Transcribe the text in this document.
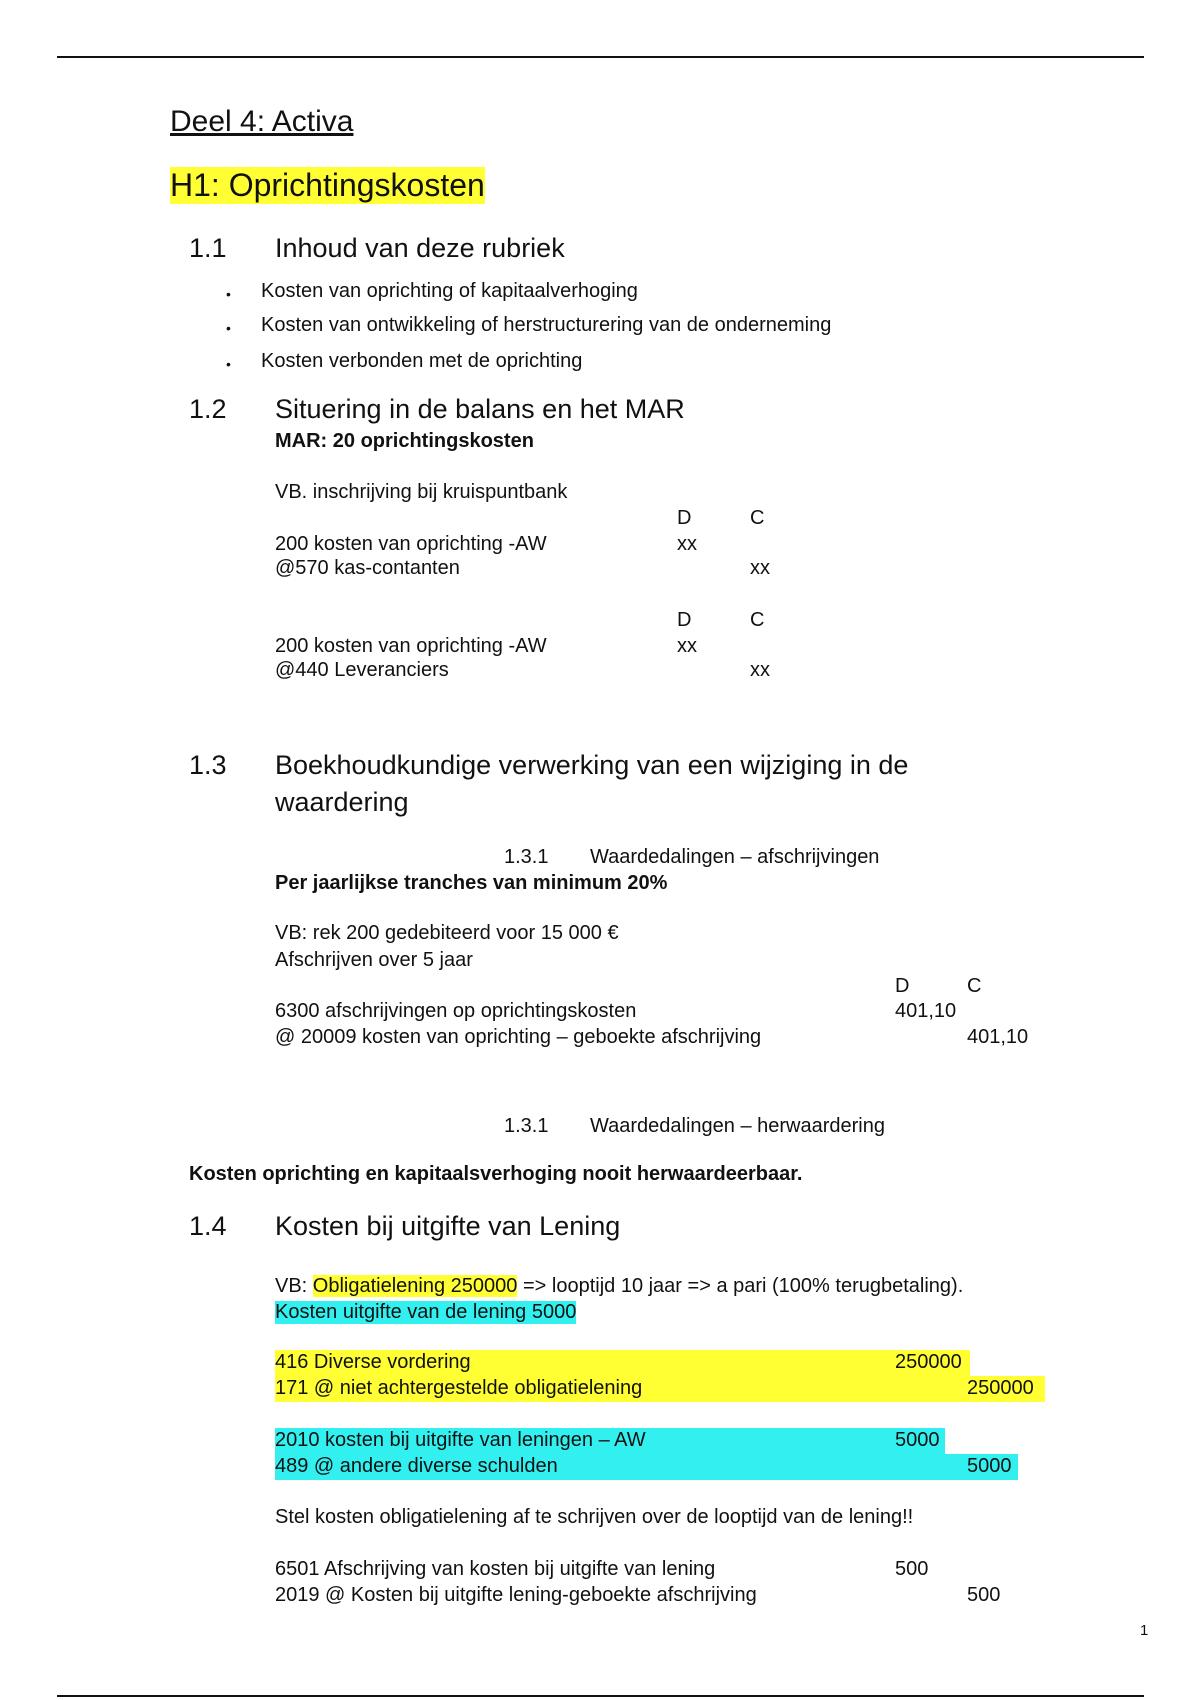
Deel 4: Activa
H1: Oprichtingskosten
1.1 Inhoud van deze rubriek
• Kosten van oprichting of kapitaalverhoging
• Kosten van ontwikkeling of herstructurering van de onderneming
• Kosten verbonden met de oprichting
1.2 Situering in de balans en het MAR
MAR: 20 oprichtingskosten
VB. inschrijving bij kruispuntbank
D	C
200 kosten van oprichting -AW	xx
@570 kas-contanten	xx
D	C
200 kosten van oprichting -AW	xx
@440 Leveranciers	xx
1.3 Boekhoudkundige verwerking van een wijziging in de
waardering
1.3.1 Waardedalingen – afschrijvingen
Per jaarlijkse tranches van minimum 20%
VB: rek 200 gedebiteerd voor 15 000 €
Afschrijven over 5 jaar
D	C
6300 afschrijvingen op oprichtingskosten	401,10
@ 20009 kosten van oprichting – geboekte afschrijving	401,10
1.3.1 Waardedalingen – herwaardering
Kosten oprichting en kapitaalsverhoging nooit herwaardeerbaar.
1.4 Kosten bij uitgifte van Lening
VB: Obligatielening 250000 => looptijd 10 jaar => a pari (100% terugbetaling).
Kosten uitgifte van de lening 5000
416 Diverse vordering	250000
171 @ niet achtergestelde obligatielening	250000
2010 kosten bij uitgifte van leningen – AW	5000
489 @ andere diverse schulden	5000
Stel kosten obligatielening af te schrijven over de looptijd van de lening!!
6501 Afschrijving van kosten bij uitgifte van lening	500
2019 @ Kosten bij uitgifte lening-geboekte afschrijving	500
1
